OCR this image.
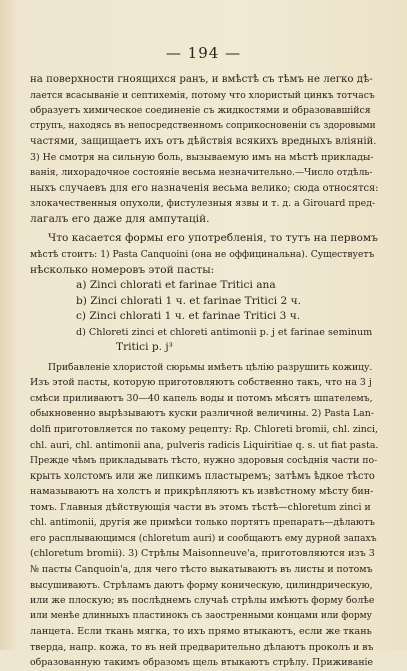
— 194 —
на поверхности гноящихся ранъ, и вмѣстѣ съ тѣмъ не легко дѣ-
лается всасываніе и септихемія, потому что хлористый цинкъ тотчасъ
образуетъ химическое соединеніе съ жидкостями и образовавшійся
струпъ, находясь въ непосредственномъ соприкосновеніи съ здоровыми
частями, защищаетъ ихъ отъ дѣйствія всякихъ вредныхъ вліяній.
3) Не смотря на сильную боль, вызываемую имъ на мѣстѣ приклады-
ванія, лихорадочное состояніе весьма незначительно.—Число отдѣль-
ныхъ случаевъ для его назначенія весьма велико; сюда относятся:
злокачественныя опухоли, фистулезныя язвы и т. д. а Girouard пред-
лагалъ его даже для ампутацій.
Что касается формы его употребленія, то тутъ на первомъ
мѣстѣ стоитъ: 1) Pasta Canquoini (она не оффицинальна). Существуетъ
нѣсколько номеровъ этой пасты:
a) Zinci chlorati et farinae Tritici ana
b) Zinci chlorati 1 ч. et farinae Tritici 2 ч.
c) Zinci chlorati 1 ч. et farinae Tritici 3 ч.
d) Chloreti zinci et chloreti antimonii p. j et farinae seminum
Tritici p. j³
Прибавленіе хлористой сюрьмы имѣетъ цѣлію разрушить кожицу.
Изъ этой пасты, которую приготовляютъ собственно такъ, что на 3 j
смѣси приливаютъ 30—40 капель воды и потомъ мѣсятъ шпателемъ,
обыкновенно вырѣзываютъ куски различной величины. 2) Pasta Lan-
dolfi приготовляется по такому рецепту: Rp. Chloreti bromii, chl. zinci,
chl. auri, chl. antimonii ana, pulveris radicis Liquiritiae q. s. ut fiat pasta.
Прежде чѣмъ прикладывать тѣсто, нужно здоровыя сосѣднія части по-
крыть холстомъ или же липкимъ пластыремъ; затѣмъ ѣдкое тѣсто
намазываютъ на холстъ и прикрѣпляютъ къ извѣстному мѣсту бин-
томъ. Главныя дѣйствующія части въ этомъ тѣстѣ—chloretum zinci и
chl. antimonii, другія же примѣси только портятъ препаратъ—дѣлаютъ
его расплывающимся (chloretum auri) и сообщаютъ ему дурной запахъ
(chloretum bromii). 3) Стрѣлы Maisonneuve'а, приготовляются изъ 3
№ пасты Canquoin'а, для чего тѣсто выкатываютъ въ листы и потомъ
высушиваютъ. Стрѣламъ даютъ форму коническую, цилиндрическую,
или же плоскую; въ послѣднемъ случаѣ стрѣлы имѣютъ форму болѣе
или менѣе длинныхъ пластинокъ съ заостренными концами или форму
ланцета. Если ткань мягка, то ихъ прямо втыкаютъ, если же ткань
тверда, напр. кожа, то въ ней предварительно дѣлаютъ проколъ и въ
образованную такимъ образомъ щель втыкаютъ стрѣлу. Приживаніе
